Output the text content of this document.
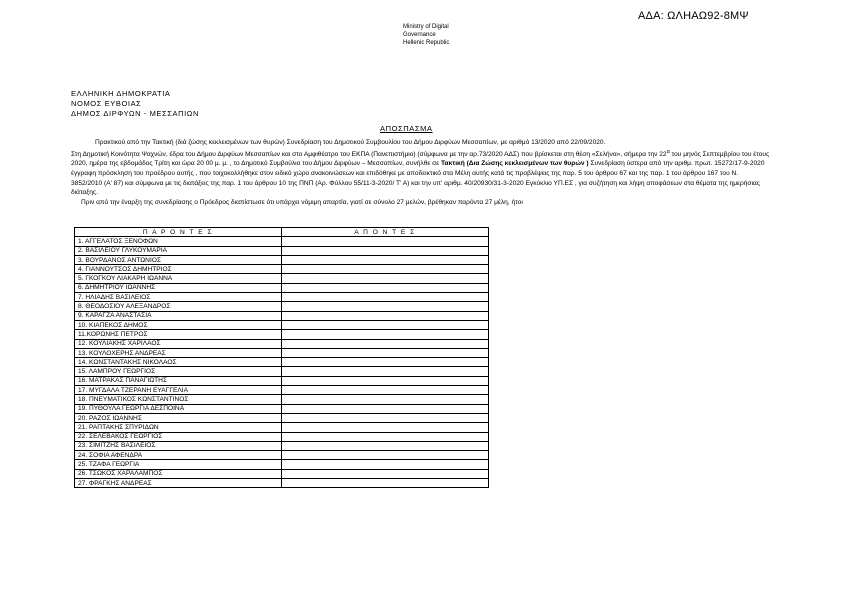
ΑΔΑ: ΩΛΗΑΩ92-8ΜΨ
Ministry of Digital
Governance
Hellenic Republic
ΕΛΛΗΝΙΚΗ ΔΗΜΟΚΡΑΤΙΑ
ΝΟΜΟΣ ΕΥΒΟΙΑΣ
ΔΗΜΟΣ ΔΙΡΦΥΩΝ - ΜΕΣΣΑΠΙΩΝ
ΑΠΟΣΠΑΣΜΑ

Πρακτικού από την Τακτική (διά ζώσης κεκλεισμένων των θυρών) Συνεδρίαση του Δημοτικού Συμβουλίου του Δήμου Διρφύων Μεσσαπίων, με αριθμό 13/2020 από 22/09/2020.

Στη Δημοτική Κοινότητα Ψαχνών, έδρα του Δήμου Διρφύων Μεσσαπίων και στο Αμφιθέατρο του ΕΚΠΑ (Πανεπιστήμιο) (σύμφωνα με την αρ.73/2020 ΑΔΣ) που βρίσκεται στη θέση «Σελήνα», σήμερα την $22^\alpha$ του μηνός Σεπτεμβρίου του έτους 2020, ημέρα της εβδομάδος Τρίτη και ώρα 20 00 μ. μ. , το Δημοτικό Συμβούλιο του Δήμου Διρφύων – Μεσσαπίων, συνήλθε σε Τακτική (Δια Ζώσης κεκλεισμένων των θυρών ) Συνεδρίαση ύστερα από την αριθμ. πρωτ. 15272/17-9-2020 έγγραφη πρόσκληση του προέδρου αυτής , που τοιχοκολλήθηκε στον ειδικό χώρο ανακοινώσεων και επιδόθηκε με αποδεικτικό στα Μέλη αυτής κατά τις προβλέψεις της παρ. 5 του άρθρου 67 και της παρ. 1 του άρθρου 167 του Ν. 3852/2010 (Α' 87) και σύμφωνα με τις διατάξεις της παρ. 1 του άρθρου 10 της ΠΝΠ (Αρ. Φύλλου 55/11-3-2020/ Τ' Α) και την υπ' αριθμ. 40/20930/31-3-2020 Εγκύκλιο ΥΠ.ΕΣ , για συζήτηση και λήψη αποφάσεων στα θέματα της ημερήσιας διάταξης.

Πριν από την έναρξη της συνεδρίασης ο Πρόεδρος διαπίστωσε ότι υπάρχει νόμιμη απαρτία, γιατί σε σύνολο 27 μελών, βρέθηκαν παρόντα 27 μέλη, ήτοι

Π Α Ρ Ο Ν Τ Ε Σ	Α Π Ο Ν Τ Ε Σ
1. ΑΓΓΕΛΑΤΟΣ ΞΕΝΟΦΩΝ	
2. ΒΑΣΙΛΕΙΟΥ ΓΛΥΚΟΥΜΑΡΙΑ	
3. ΒΟΥΡΔΑΝΟΣ ΑΝΤΩΝΙΟΣ	
4. ΓΙΑΝΝΟΥΤΣΟΣ ΔΗΜΗΤΡΙΟΣ	
5. ΓΚΟΓΚΟΥ ΛΙΑΚΑΡΗ ΙΩΑΝΝΑ	
6. ΔΗΜΗΤΡΙΟΥ ΙΩΑΝΝΗΣ	
7. ΗΛΙΑΔΗΣ ΒΑΣΙΛΕΙΟΣ	
8. ΘΕΟΔΟΣΙΟΥ ΑΛΕΞΑΝΔΡΟΣ	
9. ΚΑΡΑΓΖΑ ΑΝΑΣΤΑΣΙΑ	
10. ΚΙΑΠΕΚΟΣ ΔΗΜΟΣ	
11.ΚΟΡΩΝΗΣ ΠΕΤΡΟΣ	
12. ΚΟΥΛΙΑΚΗΣ ΧΑΡΙΛΑΟΣ	
13. ΚΟΥΛΟΧΕΡΗΣ ΑΝΔΡΕΑΣ	
14. ΚΩΝΣΤΑΝΤΑΚΗΣ ΝΙΚΟΛΑΟΣ	
15. ΛΑΜΠΡΟΥ ΓΕΩΡΓΙΟΣ	
16. ΜΑΤΡΑΚΑΣ ΠΑΝΑΓΙΩΤΗΣ	
17. ΜΥΓΔΑΛΑ ΤΖΕΡΑΝΗ ΕΥΑΓΓΕΛΙΑ	
18. ΠΝΕΥΜΑΤΙΚΟΣ ΚΩΝΣΤΑΝΤΙΝΟΣ	
19. ΠΥΘΟΥΛΑ ΓΕΩΡΓΙΑ ΔΕΣΠΟΙΝΑ	
20. ΡΑΖΟΣ ΙΩΑΝΝΗΣ	
21. ΡΑΠΤΑΚΗΣ ΣΠΥΡΙΔΩΝ	
22. ΣΕΛΕΒΑΚΟΣ ΓΕΩΡΓΙΟΣ	
23. ΣΙΜΙΤΖΗΣ ΒΑΣΙΛΕΙΟΣ	
24. ΣΟΦΙΑ ΑΦΕΝΔΡΑ	
25. ΤΖΑΦΑ ΓΕΩΡΓΙΑ	
26. ΤΣΩΚΟΣ ΧΑΡΑΛΑΜΠΟΣ	
27. ΦΡΑΓΚΗΣ ΑΝΔΡΕΑΣ	
